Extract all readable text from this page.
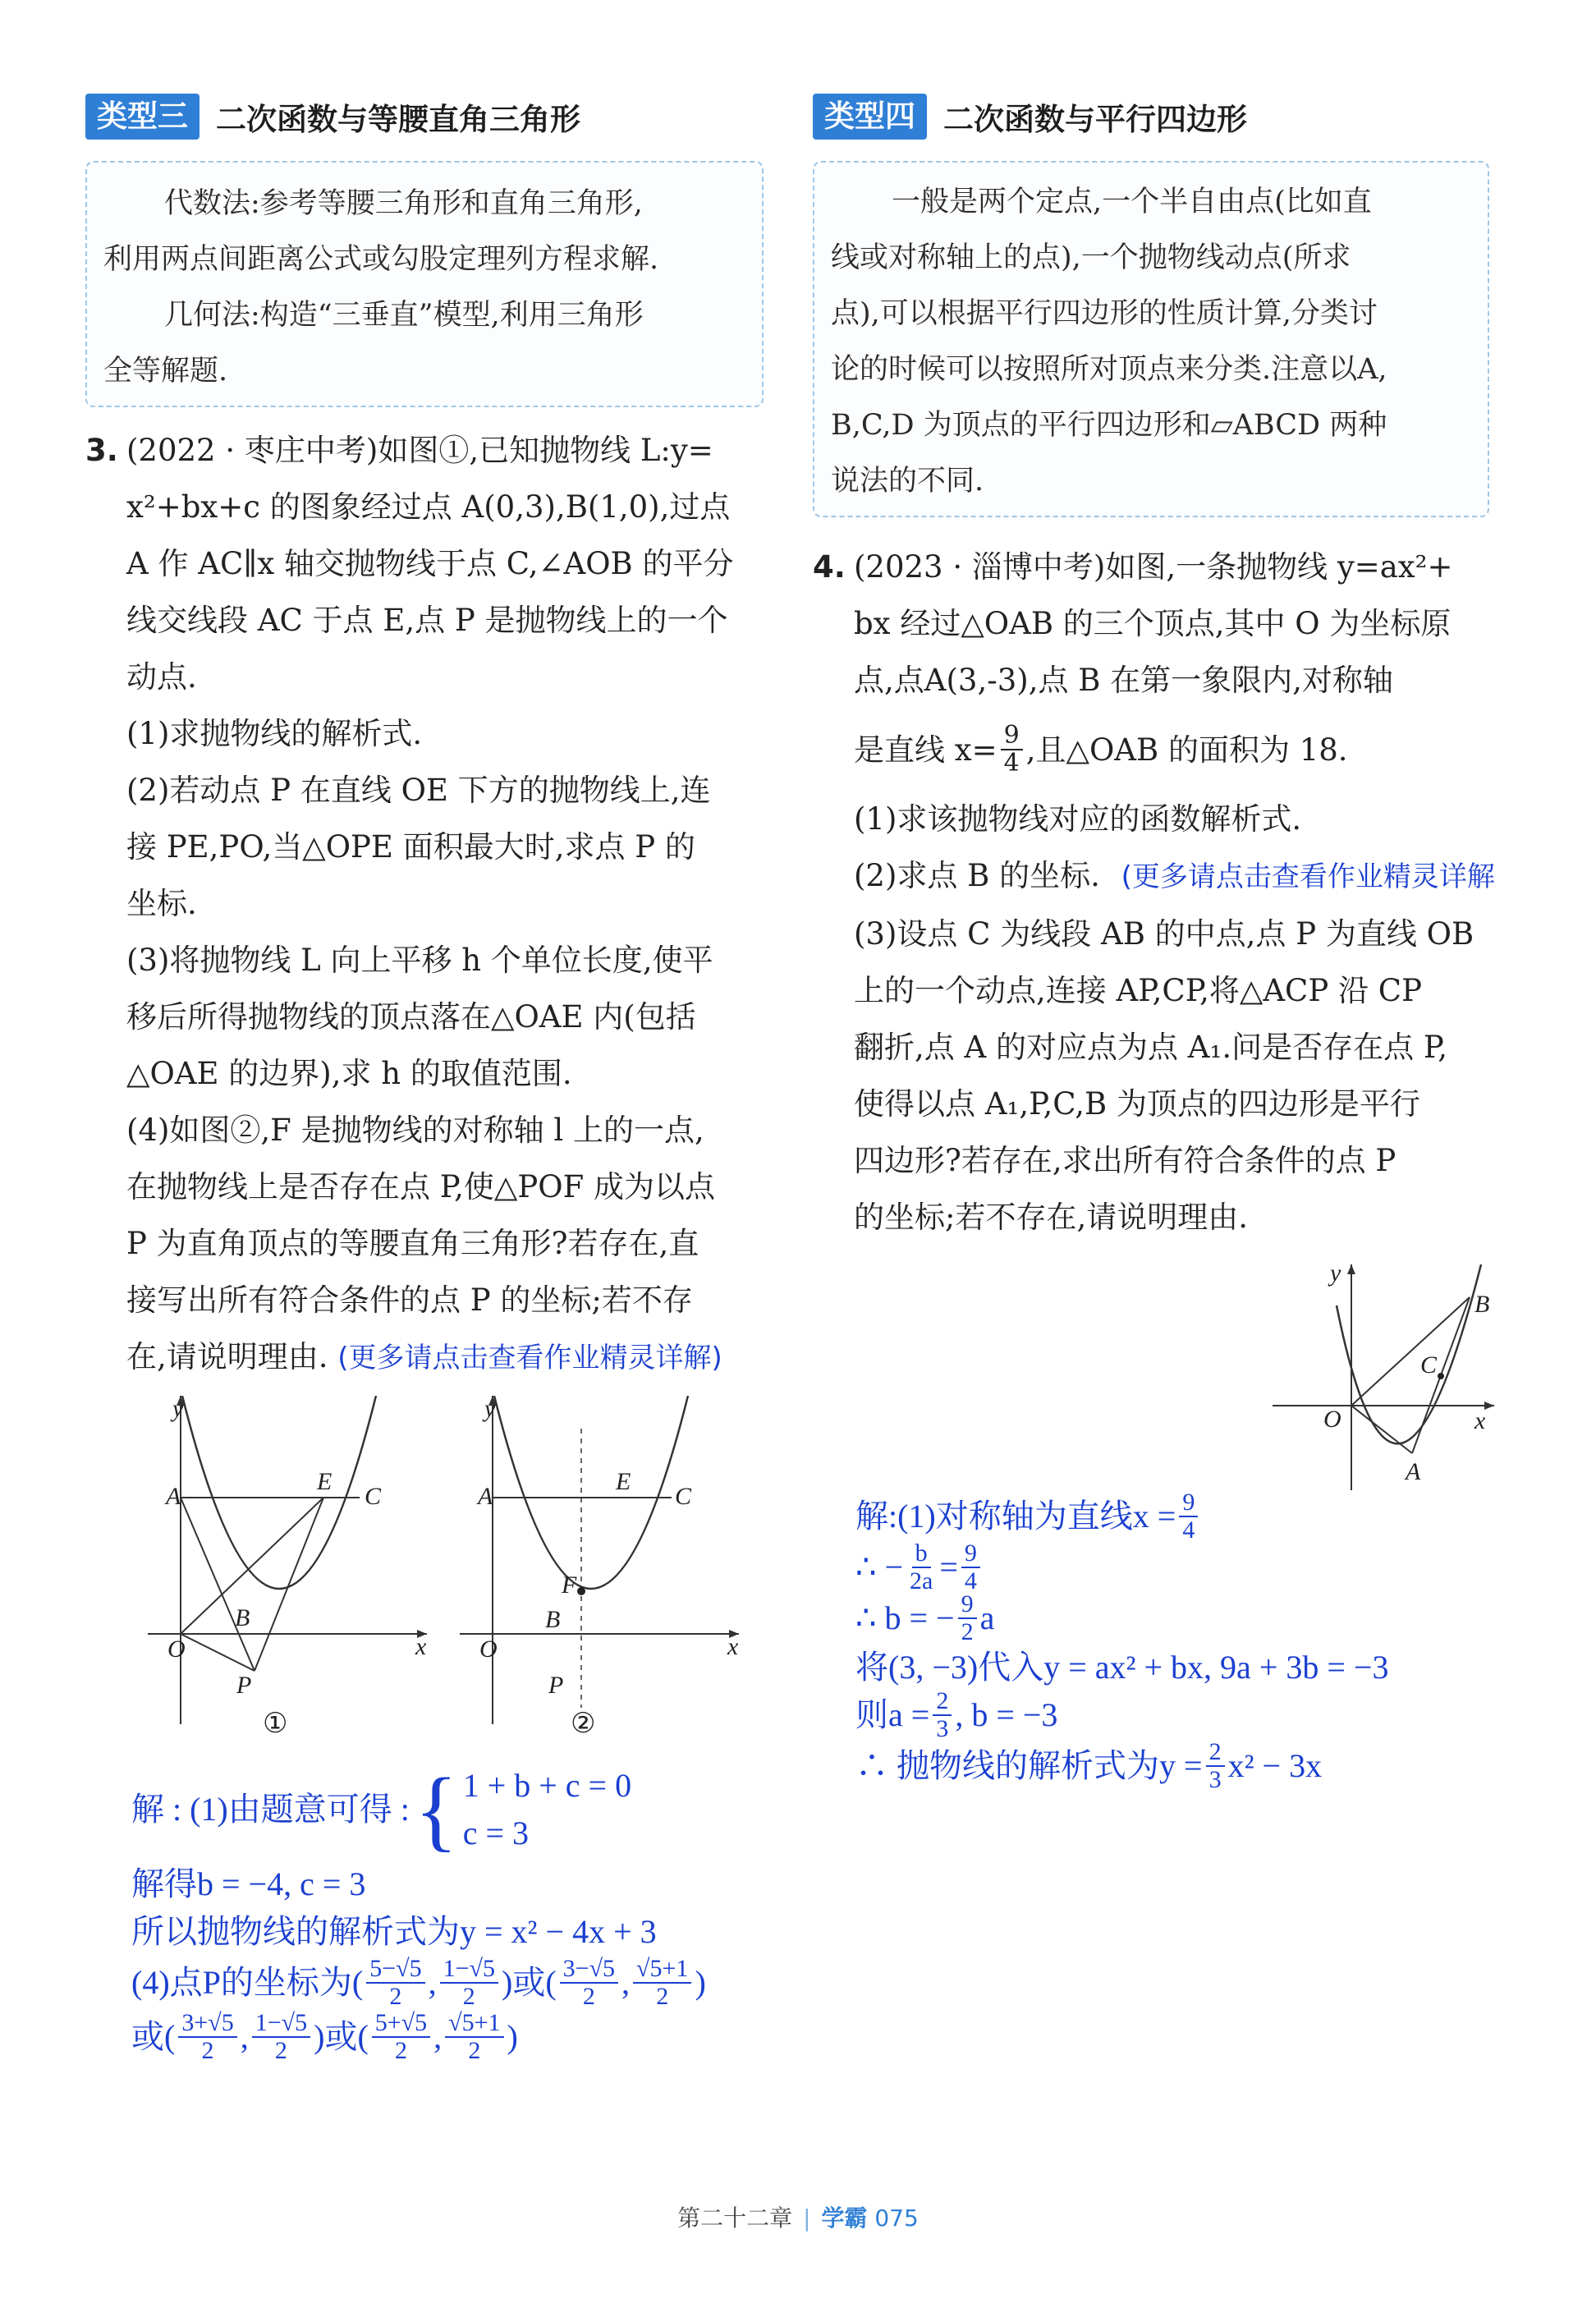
类型三 二次函数与等腰直角三角形	类型四 二次函数与平行四边形

代数法:参考等腰三角形和直角三角形,

利用两点间距离公式或勾股定理列方程求解.

几何法:构造“三垂直”模型,利用三角形

全等解题.

一般是两个定点,一个半自由点(比如直

线或对称轴上的点),一个抛物线动点(所求

点),可以根据平行四边形的性质计算,分类讨

论的时候可以按照所对顶点来分类.注意以A,

B,C,D 为顶点的平行四边形和▱ABCD 两种

说法的不同.

3. (2022 · 枣庄中考)如图①,已知抛物线 L:y=

x²+bx+c 的图象经过点 A(0,3),B(1,0),过点

A 作 AC∥x 轴交抛物线于点 C,∠AOB 的平分

线交线段 AC 于点 E,点 P 是抛物线上的一个

动点.

(1)求抛物线的解析式.

(2)若动点 P 在直线 OE 下方的抛物线上,连

接 PE,PO,当△OPE 面积最大时,求点 P 的

坐标.

(3)将抛物线 L 向上平移 h 个单位长度,使平

移后所得抛物线的顶点落在△OAE 内(包括

△OAE 的边界),求 h 的取值范围.

(4)如图②,F 是抛物线的对称轴 l 上的一点,

在抛物线上是否存在点 P,使△POF 成为以点

P 为直角顶点的等腰直角三角形?若存在,直

接写出所有符合条件的点 P 的坐标;若不存

在,请说明理由. (更多请点击查看作业精灵详解)

y
x
O
A
E
C
B
P
①
y
x
O
A
E
C
F
B
P
②
解 : (1)由题意可得 : { 1 + b + c = 0
c = 3
解得b = −4, c = 3
所以抛物线的解析式为y = x² − 4x + 3
(4)点P的坐标为( $\frac{5-√5}{2}$ , $\frac{1-√5}{2}$ ) 或 ( $\frac{3-√5}{2}$ , $\frac{√5+1}{2}$ )
或 ( $\frac{3+√5}{2}$ , $\frac{1-√5}{2}$ ) 或 ( $\frac{5+√5}{2}$ , $\frac{√5+1}{2}$ )
4. (2023 · 淄博中考)如图,一条抛物线 y=ax²+

bx 经过△OAB 的三个顶点,其中 O 为坐标原

点,点A(3,-3),点 B 在第一象限内,对称轴

是直线 $x= \frac{9}{4}$ ,且△OAB 的面积为 18.

(1)求该抛物线对应的函数解析式.

(2)求点 B 的坐标. (更多请点击查看作业精灵详解

(3)设点 C 为线段 AB 的中点,点 P 为直线 OB

上的一个动点,连接 AP,CP,将△ACP 沿 CP

翻折,点 A 的对应点为点 A₁.问是否存在点 P,

使得以点 A₁,P,C,B 为顶点的四边形是平行

四边形?若存在,求出所有符合条件的点 P

的坐标;若不存在,请说明理由.

y
x
O
B
C
A
解:(1)对称轴为直线$x = \frac{9}{4}$
∴ − $\frac{b}{2a} = \frac{9}{4}$
∴ b = − $\frac{9}{2}$ a
将(3, −3)代入y = ax² + bx, 9a + 3b = −3
则$a = \frac{2}{3}$ , b = −3
∴ 抛物线的解析式为$y = \frac{2}{3} x^2 - 3x$
第二十二章 | 学霸 075
